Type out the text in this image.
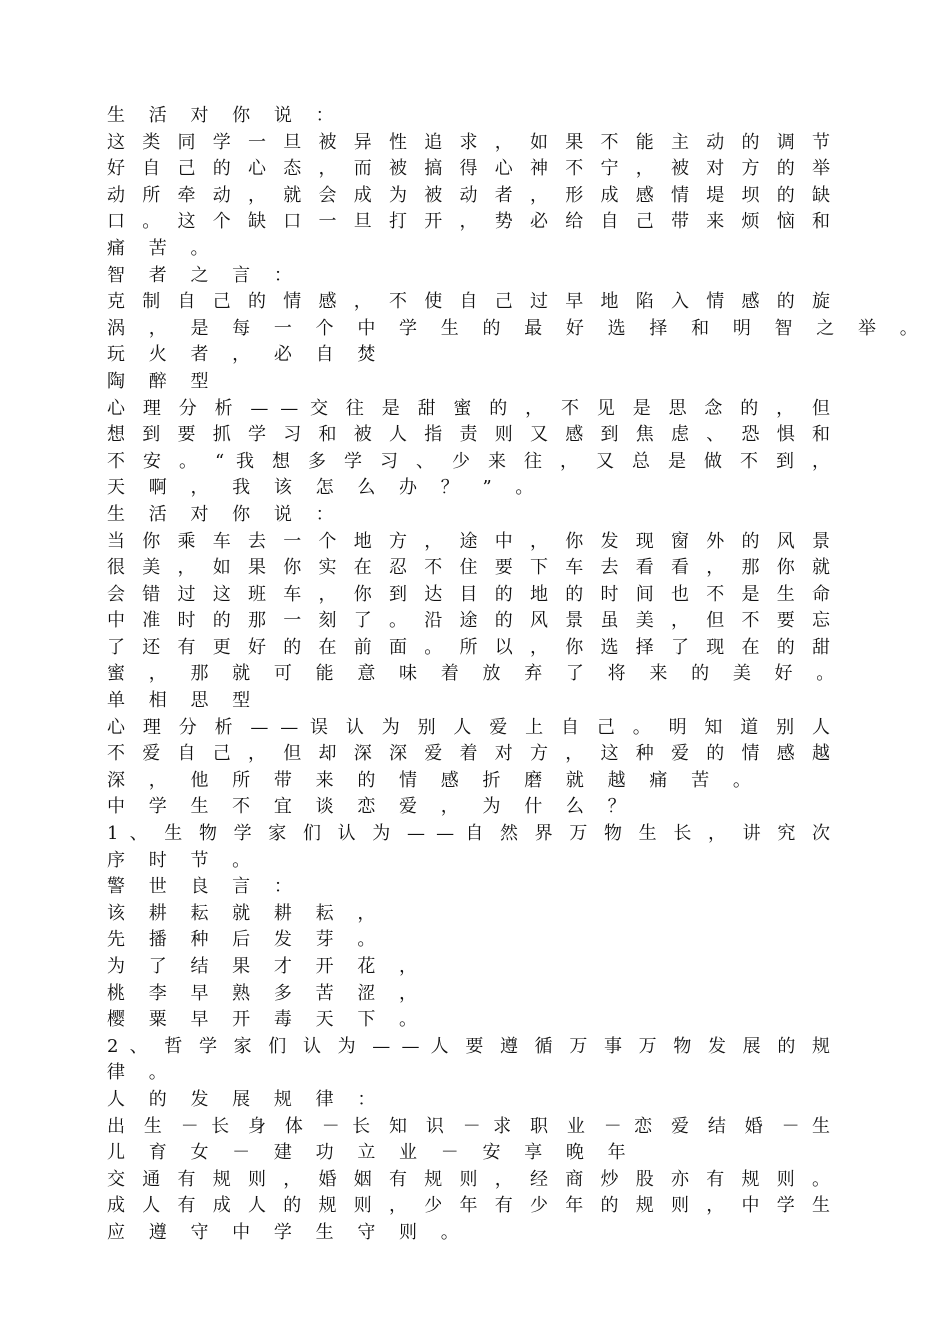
生 活 对 你 说 ：
这 类 同 学 一 旦 被 异 性 追 求 ， 如 果 不 能 主 动 的 调 节
好 自 己 的 心 态 ， 而 被 搞 得 心 神 不 宁 ， 被 对 方 的 举
动 所 牵 动 ， 就 会 成 为 被 动 者 ， 形 成 感 情 堤 坝 的 缺
口 。 这 个 缺 口 一 旦 打 开 ， 势 必 给 自 己 带 来 烦 恼 和
痛 苦 。
智 者 之 言 ：
克 制 自 己 的 情 感 ， 不 使 自 己 过 早 地 陷 入 情 感 的 旋
涡 ， 是 每 一 个 中 学 生 的 最 好 选 择 和 明 智 之 举 。
玩 火 者 ， 必 自 焚
陶 醉 型
心 理 分 析 — — 交 往 是 甜 蜜 的 ， 不 见 是 思 念 的 ， 但
想 到 要 抓 学 习 和 被 人 指 责 则 又 感 到 焦 虑 、 恐 惧 和
不 安 。 “ 我 想 多 学 习 、 少 来 往 ， 又 总 是 做 不 到 ，
天 啊 ， 我 该 怎 么 办 ？ ” 。
生 活 对 你 说 ：
当 你 乘 车 去 一 个 地 方 ， 途 中 ， 你 发 现 窗 外 的 风 景
很 美 ， 如 果 你 实 在 忍 不 住 要 下 车 去 看 看 ， 那 你 就
会 错 过 这 班 车 ， 你 到 达 目 的 地 的 时 间 也 不 是 生 命
中 准 时 的 那 一 刻 了 。 沿 途 的 风 景 虽 美 ， 但 不 要 忘
了 还 有 更 好 的 在 前 面 。 所 以 ， 你 选 择 了 现 在 的 甜
蜜 ， 那 就 可 能 意 味 着 放 弃 了 将 来 的 美 好 。
单 相 思 型
心 理 分 析 — — 误 认 为 别 人 爱 上 自 己 。 明 知 道 别 人
不 爱 自 己 ， 但 却 深 深 爱 着 对 方 ， 这 种 爱 的 情 感 越
深 ， 他 所 带 来 的 情 感 折 磨 就 越 痛 苦 。
中 学 生 不 宜 谈 恋 爱 ， 为 什 么 ？
1 、 生 物 学 家 们 认 为 — — 自 然 界 万 物 生 长 ， 讲 究 次
序 时 节 。
警 世 良 言 ：
该 耕 耘 就 耕 耘 ，
先 播 种 后 发 芽 。
为 了 结 果 才 开 花 ，
桃 李 早 熟 多 苦 涩 ，
樱 粟 早 开 毒 天 下 。
2 、 哲 学 家 们 认 为 — — 人 要 遵 循 万 事 万 物 发 展 的 规
律 。
人 的 发 展 规 律 ：
出 生 － 长 身 体 － 长 知 识 － 求 职 业 － 恋 爱 结 婚 － 生
儿 育 女 － 建 功 立 业 － 安 享 晚 年
交 通 有 规 则 ， 婚 姻 有 规 则 ， 经 商 炒 股 亦 有 规 则 。
成 人 有 成 人 的 规 则 ， 少 年 有 少 年 的 规 则 ， 中 学 生
应 遵 守 中 学 生 守 则 。
